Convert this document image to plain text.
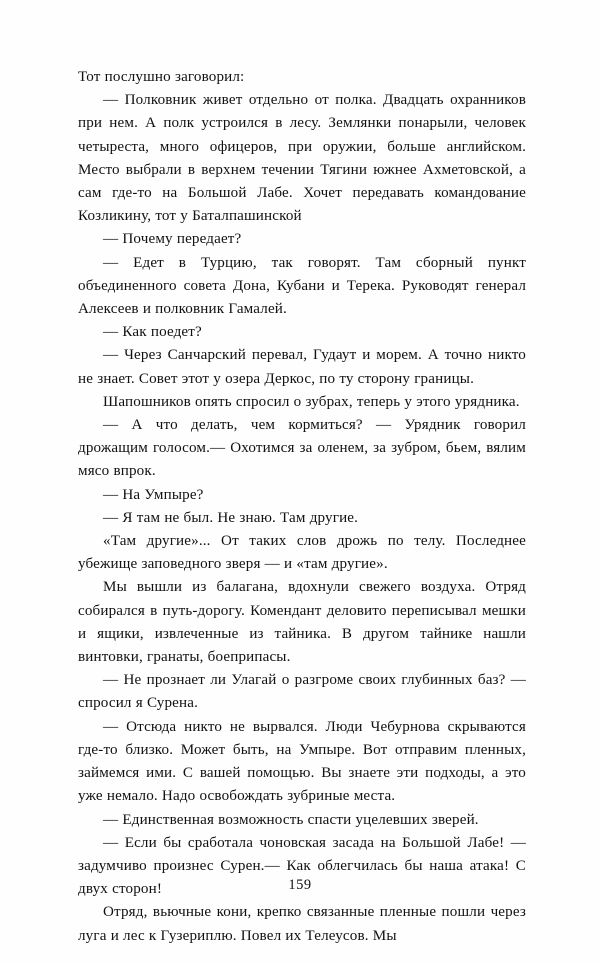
Тот послушно заговорил:

— Полковник живет отдельно от полка. Двадцать охранников при нем. А полк устроился в лесу. Землянки понарыли, человек четыреста, много офицеров, при оружии, больше английском. Место выбрали в верхнем течении Тягини южнее Ахметовской, а сам где-то на Большой Лабе. Хочет передавать командование Козликину, тот у Баталпашинской

— Почему передает?

— Едет в Турцию, так говорят. Там сборный пункт объединенного совета Дона, Кубани и Терека. Руководят генерал Алексеев и полковник Гамалей.

— Как поедет?

— Через Санчарский перевал, Гудаут и морем. А точно никто не знает. Совет этот у озера Деркос, по ту сторону границы.

Шапошников опять спросил о зубрах, теперь у этого урядника.

— А что делать, чем кормиться? — Урядник говорил дрожащим голосом.— Охотимся за оленем, за зубром, бьем, вялим мясо впрок.

— На Умпыре?

— Я там не был. Не знаю. Там другие.

«Там другие»... От таких слов дрожь по телу. Последнее убежище заповедного зверя — и «там другие».

Мы вышли из балагана, вдохнули свежего воздуха. Отряд собирался в путь-дорогу. Комендант деловито переписывал мешки и ящики, извлеченные из тайника. В другом тайнике нашли винтовки, гранаты, боеприпасы.

— Не прознает ли Улагай о разгроме своих глубинных баз? — спросил я Сурена.

— Отсюда никто не вырвался. Люди Чебурнова скрываются где-то близко. Может быть, на Умпыре. Вот отправим пленных, займемся ими. С вашей помощью. Вы знаете эти подходы, а это уже немало. Надо освобождать зубриные места.

— Единственная возможность спасти уцелевших зверей.

— Если бы сработала чоновская засада на Большой Лабе! — задумчиво произнес Сурен.— Как облегчилась бы наша атака! С двух сторон!

Отряд, вьючные кони, крепко связанные пленные пошли через луга и лес к Гузериплю. Повел их Телеусов. Мы

159
